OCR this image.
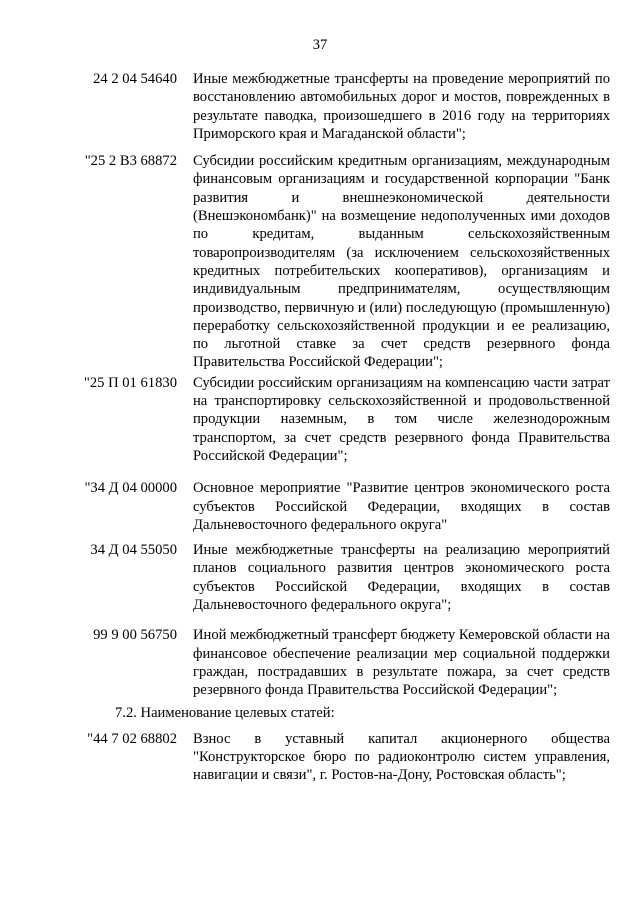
37
24 2 04 54640 Иные межбюджетные трансферты на проведение мероприятий по восстановлению автомобильных дорог и мостов, поврежденных в результате паводка, произошедшего в 2016 году на территориях Приморского края и Магаданской области";
"25 2 B3 68872 Субсидии российским кредитным организациям, международным финансовым организациям и государственной корпорации "Банк развития и внешнеэкономической деятельности (Внешэкономбанк)" на возмещение недополученных ими доходов по кредитам, выданным сельскохозяйственным товаропроизводителям (за исключением сельскохозяйственных кредитных потребительских кооперативов), организациям и индивидуальным предпринимателям, осуществляющим производство, первичную и (или) последующую (промышленную) переработку сельскохозяйственной продукции и ее реализацию, по льготной ставке за счет средств резервного фонда Правительства Российской Федерации";
"25 П 01 61830 Субсидии российским организациям на компенсацию части затрат на транспортировку сельскохозяйственной и продовольственной продукции наземным, в том числе железнодорожным транспортом, за счет средств резервного фонда Правительства Российской Федерации";
"34 Д 04 00000 Основное мероприятие "Развитие центров экономического роста субъектов Российской Федерации, входящих в состав Дальневосточного федерального округа"
34 Д 04 55050 Иные межбюджетные трансферты на реализацию мероприятий планов социального развития центров экономического роста субъектов Российской Федерации, входящих в состав Дальневосточного федерального округа";
99 9 00 56750 Иной межбюджетный трансферт бюджету Кемеровской области на финансовое обеспечение реализации мер социальной поддержки граждан, пострадавших в результате пожара, за счет средств резервного фонда Правительства Российской Федерации";
7.2. Наименование целевых статей:
"44 7 02 68802 Взнос в уставный капитал акционерного общества "Конструкторское бюро по радиоконтролю систем управления, навигации и связи", г. Ростов-на-Дону, Ростовская область";
